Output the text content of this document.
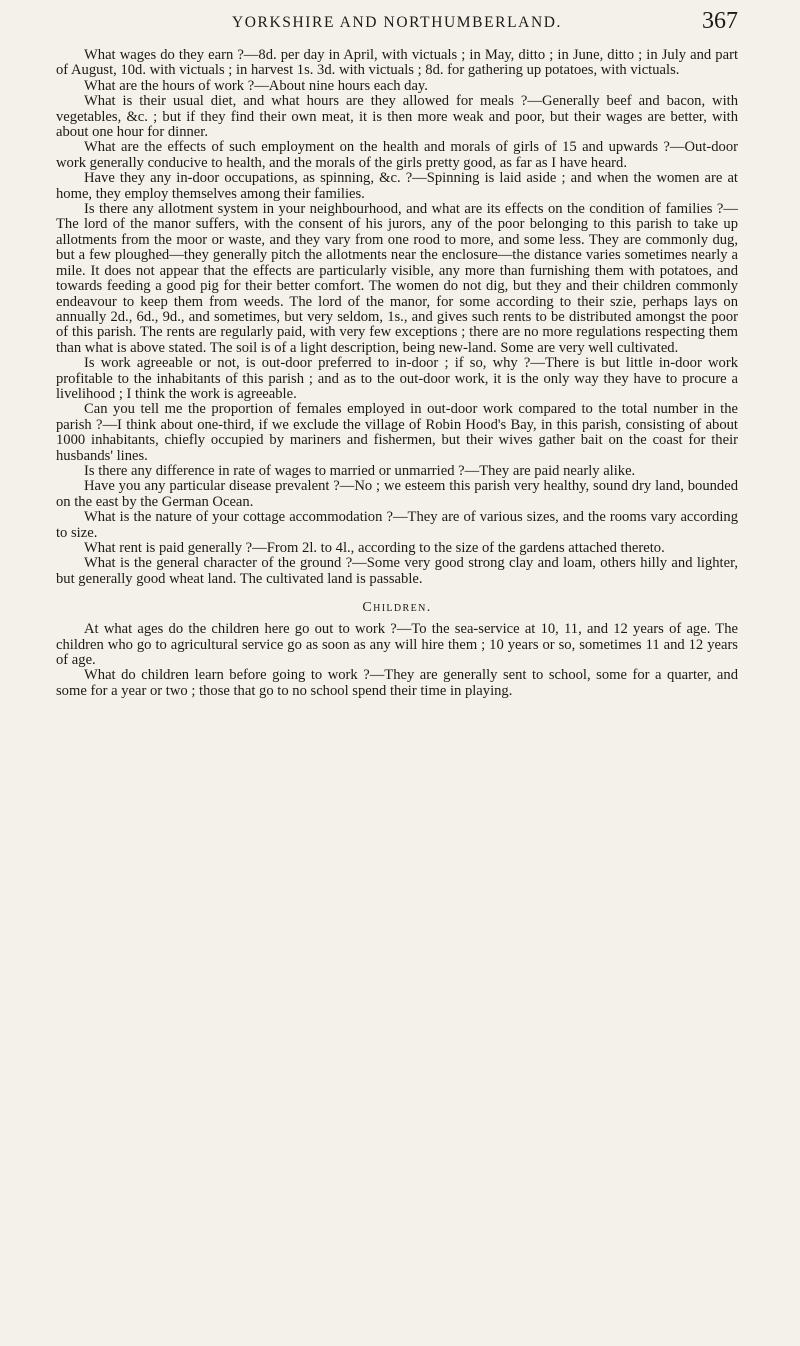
YORKSHIRE AND NORTHUMBERLAND.	367

What wages do they earn ?—8d. per day in April, with victuals ; in May, ditto ; in June, ditto ; in July and part of August, 10d. with victuals ; in harvest 1s. 3d. with victuals ; 8d. for gathering up potatoes, with victuals.

What are the hours of work ?—About nine hours each day.

What is their usual diet, and what hours are they allowed for meals ?—Generally beef and bacon, with vegetables, &c. ; but if they find their own meat, it is then more weak and poor, but their wages are better, with about one hour for dinner.

What are the effects of such employment on the health and morals of girls of 15 and upwards ?—Out-door work generally conducive to health, and the morals of the girls pretty good, as far as I have heard.

Have they any in-door occupations, as spinning, &c. ?—Spinning is laid aside ; and when the women are at home, they employ themselves among their families.

Is there any allotment system in your neighbourhood, and what are its effects on the condition of families ?—The lord of the manor suffers, with the consent of his jurors, any of the poor belonging to this parish to take up allotments from the moor or waste, and they vary from one rood to more, and some less. They are commonly dug, but a few ploughed—they generally pitch the allotments near the enclosure—the distance varies sometimes nearly a mile. It does not appear that the effects are particularly visible, any more than furnishing them with potatoes, and towards feeding a good pig for their better comfort. The women do not dig, but they and their children commonly endeavour to keep them from weeds. The lord of the manor, for some according to their szie, perhaps lays on annually 2d., 6d., 9d., and sometimes, but very seldom, 1s., and gives such rents to be distributed amongst the poor of this parish. The rents are regularly paid, with very few exceptions ; there are no more regulations respecting them than what is above stated. The soil is of a light description, being new-land. Some are very well cultivated.

Is work agreeable or not, is out-door preferred to in-door ; if so, why ?—There is but little in-door work profitable to the inhabitants of this parish ; and as to the out-door work, it is the only way they have to procure a livelihood ; I think the work is agreeable.

Can you tell me the proportion of females employed in out-door work compared to the total number in the parish ?—I think about one-third, if we exclude the village of Robin Hood's Bay, in this parish, consisting of about 1000 inhabitants, chiefly occupied by mariners and fishermen, but their wives gather bait on the coast for their husbands' lines.

Is there any difference in rate of wages to married or unmarried ?—They are paid nearly alike.

Have you any particular disease prevalent ?—No ; we esteem this parish very healthy, sound dry land, bounded on the east by the German Ocean.

What is the nature of your cottage accommodation ?—They are of various sizes, and the rooms vary according to size.

What rent is paid generally ?—From 2l. to 4l., according to the size of the gardens attached thereto.

What is the general character of the ground ?—Some very good strong clay and loam, others hilly and lighter, but generally good wheat land. The cultivated land is passable.

Children.

At what ages do the children here go out to work ?—To the sea-service at 10, 11, and 12 years of age. The children who go to agricultural service go as soon as any will hire them ; 10 years or so, sometimes 11 and 12 years of age.

What do children learn before going to work ?—They are generally sent to school, some for a quarter, and some for a year or two ; those that go to no school spend their time in playing.
